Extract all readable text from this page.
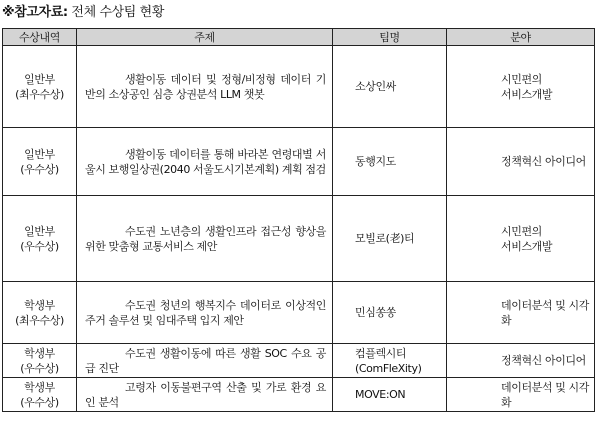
※참고자료: 전체 수상팀 현황
수상내역	주제	팀명	분야

일반부
(최우수상)	생활이동 데이터 및 정형/비정형 데이터 기반의 소상공인 심층 상권분석 LLM 챗봇	소상인싸	시민편의
서비스개발

일반부
(우수상)	생활이동 데이터를 통해 바라본 연령대별 서울시 보행일상권(2040 서울도시기본계획) 계획 점검	동행지도	정책혁신 아이디어

일반부
(우수상)	수도권 노년층의 생활인프라 접근성 향상을 위한 맞춤형 교통서비스 제안	모빌로(老)티	시민편의
서비스개발

학생부
(최우수상)	수도권 청년의 행복지수 데이터로 이상적인 주거 솔루션 및 임대주택 입지 제안	민심쏭쏭	데이터분석 및 시각화

학생부
(우수상)	수도권 생활이동에 따른 생활 SOC 수요 공급 진단	컴플렉시티
(ComFleXity)	정책혁신 아이디어

학생부
(우수상)	고령자 이동불편구역 산출 및 가로 환경 요인 분석	MOVE:ON	데이터분석 및 시각화
